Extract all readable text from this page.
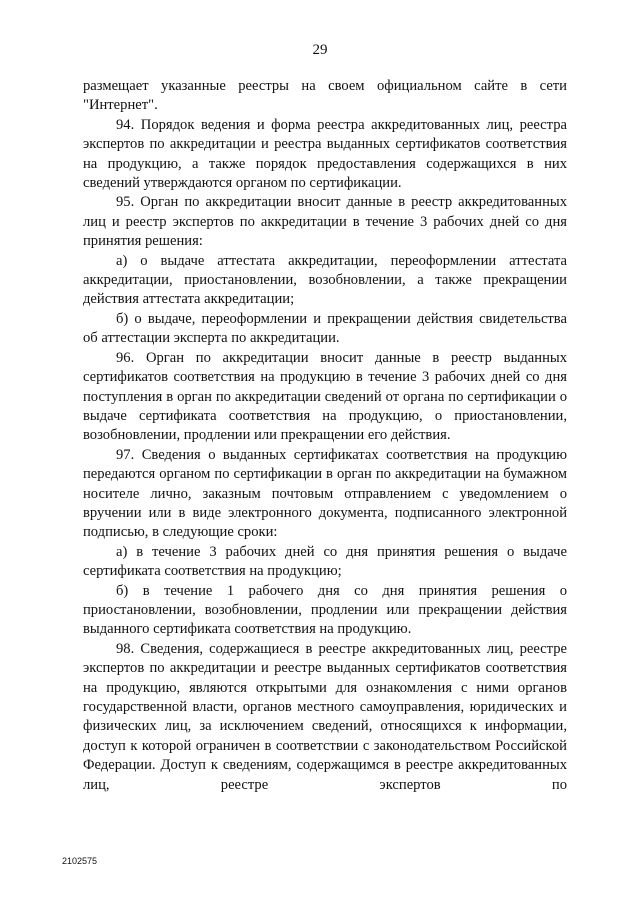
29

размещает указанные реестры на своем официальном сайте в сети "Интернет".

94. Порядок ведения и форма реестра аккредитованных лиц, реестра экспертов по аккредитации и реестра выданных сертификатов соответствия на продукцию, а также порядок предоставления содержащихся в них сведений утверждаются органом по сертификации.

95. Орган по аккредитации вносит данные в реестр аккредитованных лиц и реестр экспертов по аккредитации в течение 3 рабочих дней со дня принятия решения:

а) о выдаче аттестата аккредитации, переоформлении аттестата аккредитации, приостановлении, возобновлении, а также прекращении действия аттестата аккредитации;

б) о выдаче, переоформлении и прекращении действия свидетельства об аттестации эксперта по аккредитации.

96. Орган по аккредитации вносит данные в реестр выданных сертификатов соответствия на продукцию в течение 3 рабочих дней со дня поступления в орган по аккредитации сведений от органа по сертификации о выдаче сертификата соответствия на продукцию, о приостановлении, возобновлении, продлении или прекращении его действия.

97. Сведения о выданных сертификатах соответствия на продукцию передаются органом по сертификации в орган по аккредитации на бумажном носителе лично, заказным почтовым отправлением с уведомлением о вручении или в виде электронного документа, подписанного электронной подписью, в следующие сроки:

а) в течение 3 рабочих дней со дня принятия решения о выдаче сертификата соответствия на продукцию;

б) в течение 1 рабочего дня со дня принятия решения о приостановлении, возобновлении, продлении или прекращении действия выданного сертификата соответствия на продукцию.

98. Сведения, содержащиеся в реестре аккредитованных лиц, реестре экспертов по аккредитации и реестре выданных сертификатов соответствия на продукцию, являются открытыми для ознакомления с ними органов государственной власти, органов местного самоуправления, юридических и физических лиц, за исключением сведений, относящихся к информации, доступ к которой ограничен в соответствии с законодательством Российской Федерации. Доступ к сведениям, содержащимся в реестре аккредитованных лиц, реестре экспертов по

2102575
